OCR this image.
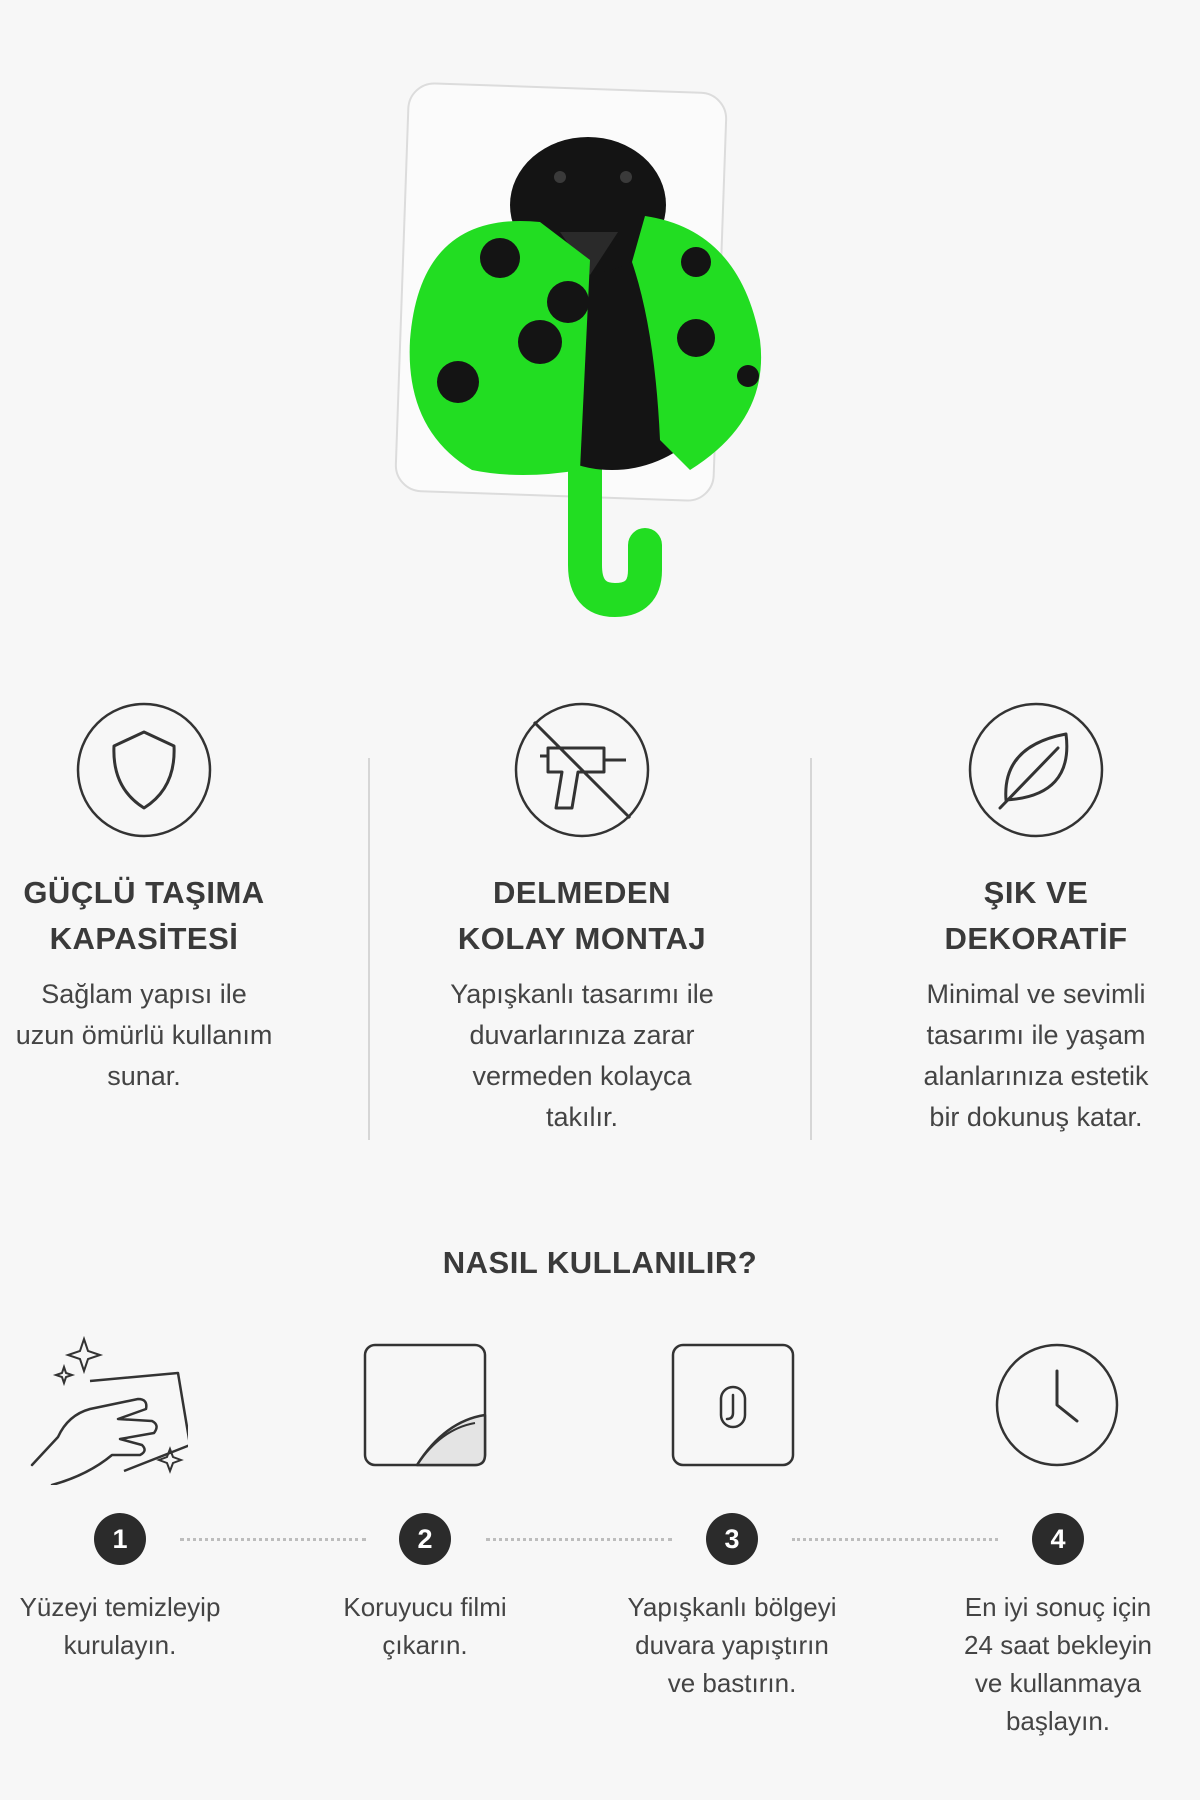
GÜÇLÜ TAŞIMA
KAPASİTESİ

Sağlam yapısı ile
uzun ömürlü kullanım
sunar.

DELMEDEN
KOLAY MONTAJ

Yapışkanlı tasarımı ile
duvarlarınıza zarar
vermeden kolayca
takılır.

ŞIK VE
DEKORATİF

Minimal ve sevimli
tasarımı ile yaşam
alanlarınıza estetik
bir dokunuş katar.

NASIL KULLANILIR?
1	2	3	4
Yüzeyi temizleyip
kurulayın.
Koruyucu filmi
çıkarın.
Yapışkanlı bölgeyi
duvara yapıştırın
ve bastırın.
En iyi sonuç için
24 saat bekleyin
ve kullanmaya
başlayın.
